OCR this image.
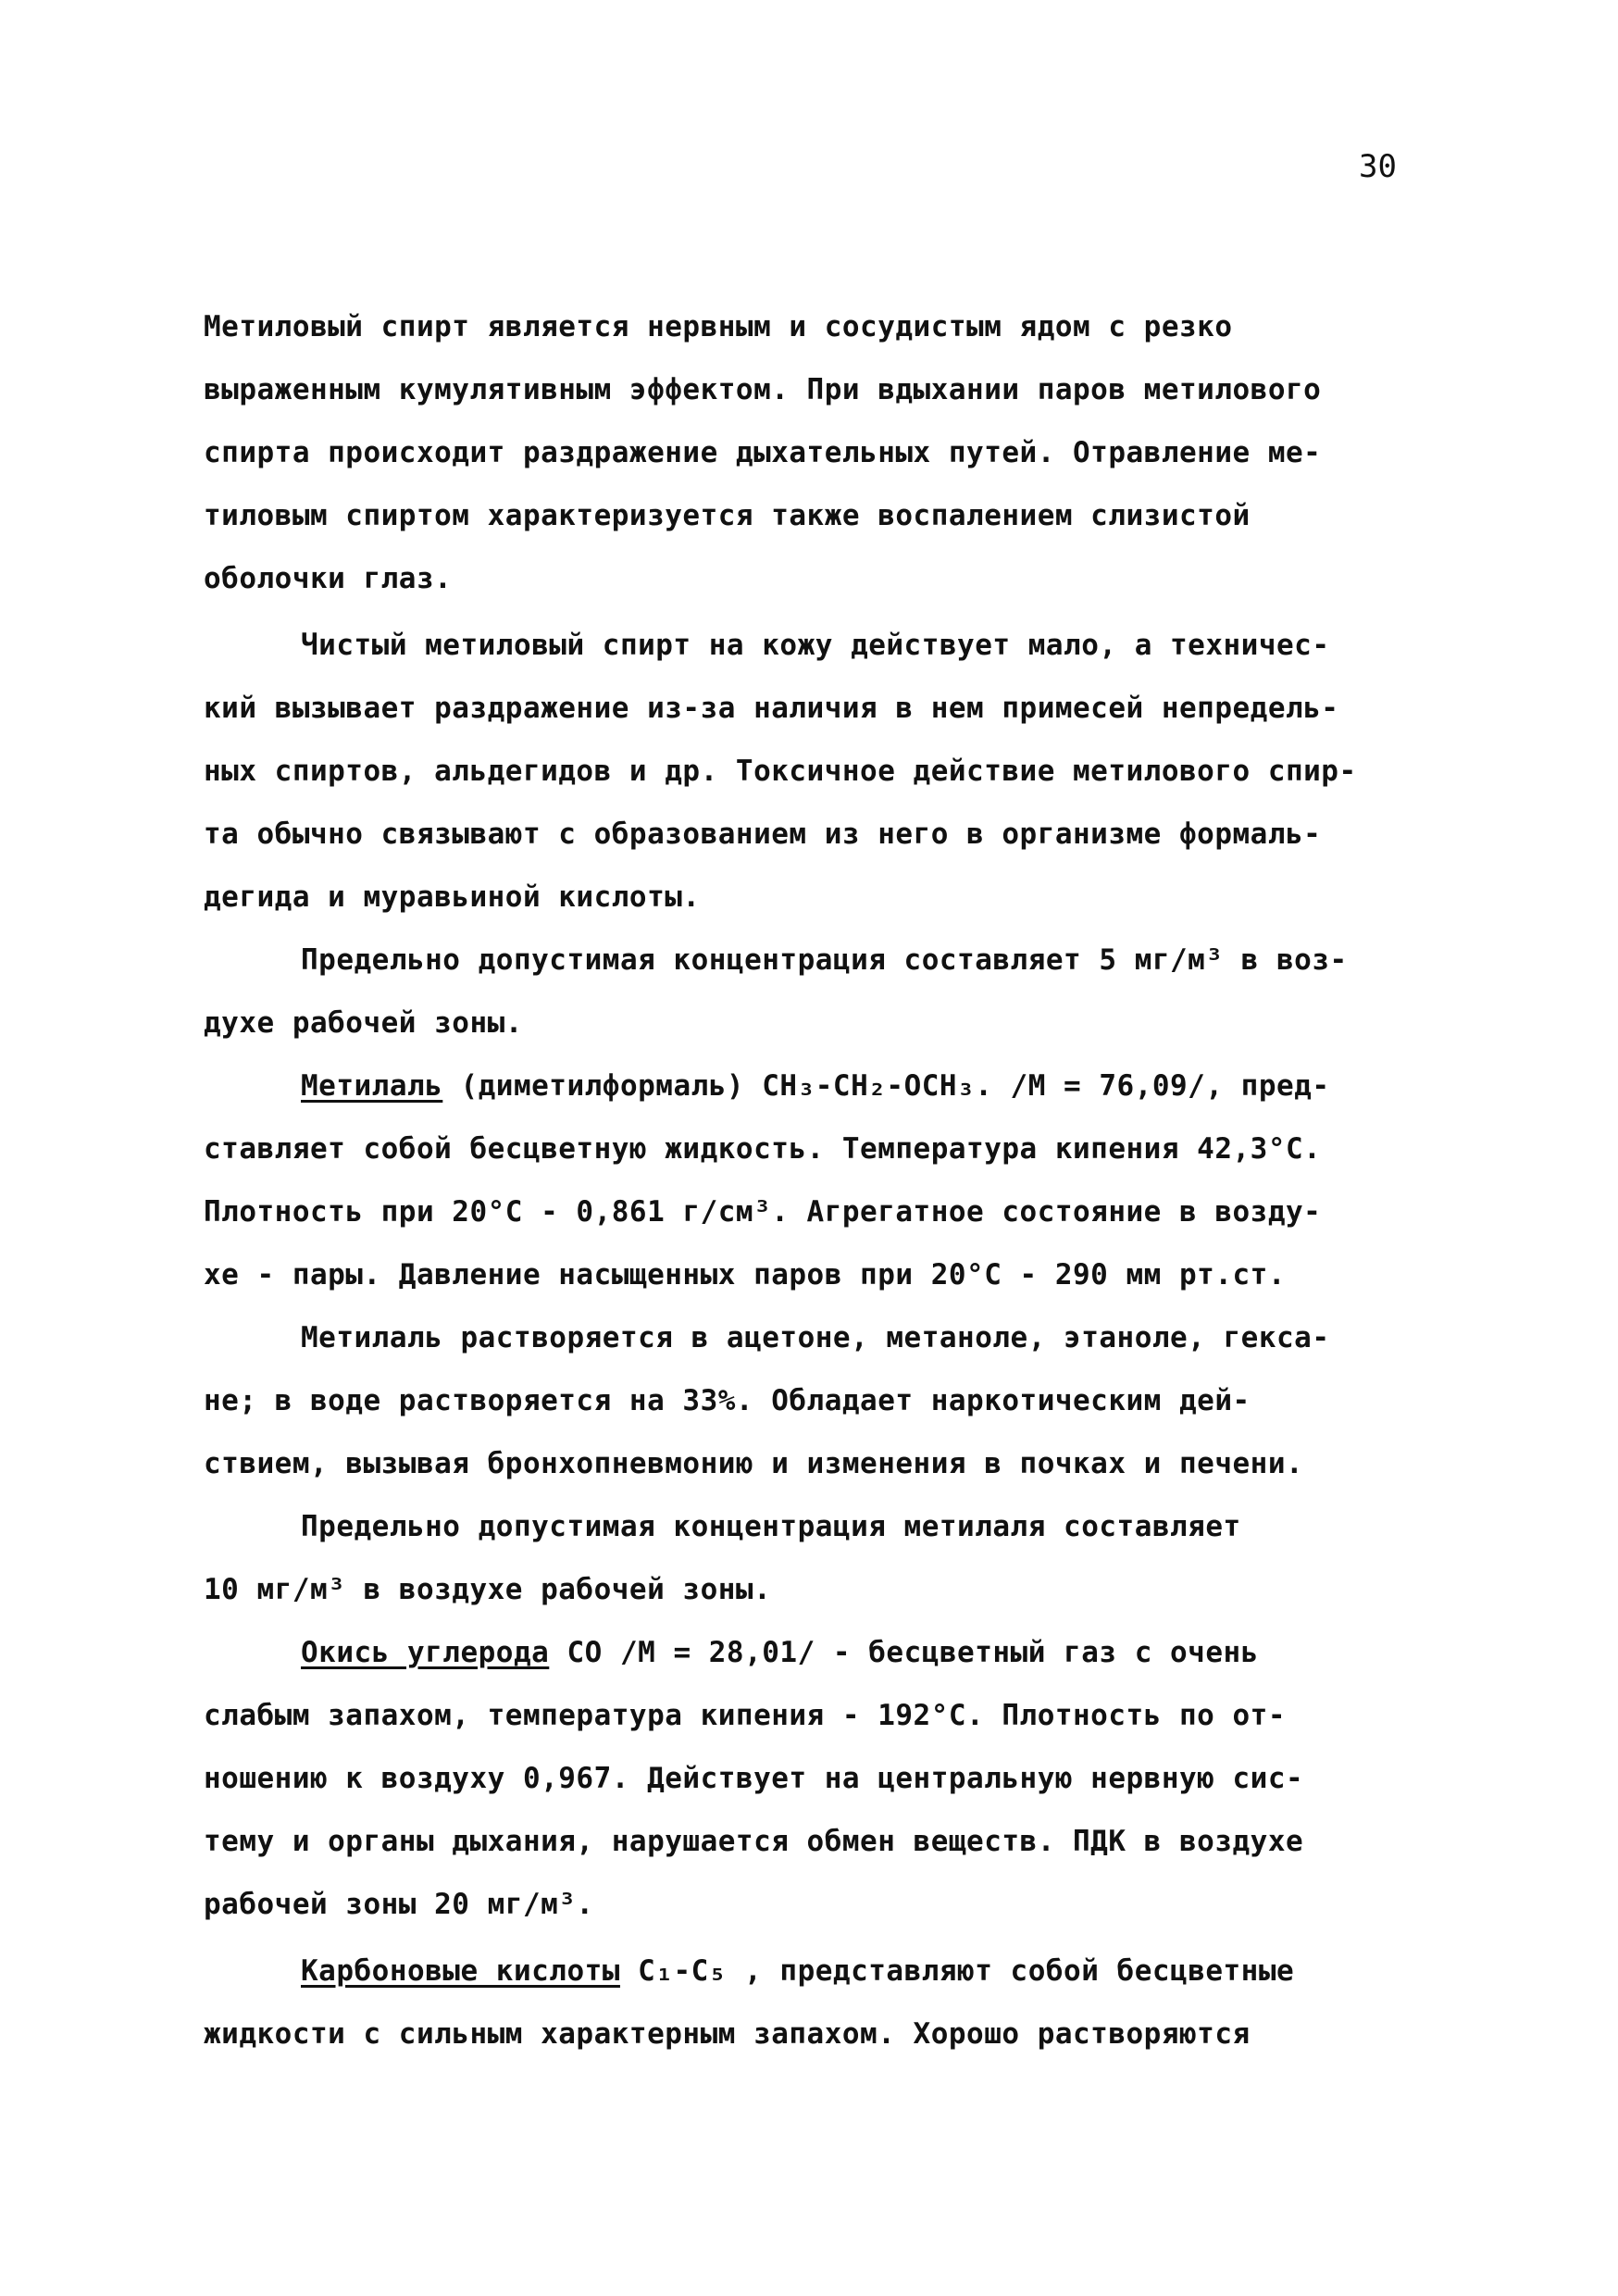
30
Метиловый спирт является нервным и сосудистым ядом с резко
выраженным кумулятивным эффектом. При вдыхании паров метилового
спирта происходит раздражение дыхательных путей. Отравление ме-
тиловым спиртом характеризуется также воспалением слизистой
оболочки глаз.
Чистый метиловый спирт на кожу действует мало, а техничес-
кий вызывает раздражение из-за наличия в нем примесей непредель-
ных спиртов, альдегидов и др. Токсичное действие метилового спир-
та обычно связывают с образованием из него в организме формаль-
дегида и муравьиной кислоты.
Предельно допустимая концентрация составляет 5 мг/м³ в воз-
духе рабочей зоны.
Метилаль (диметилформаль) CH₃-CH₂-OCH₃. /М = 76,09/, пред-
ставляет собой бесцветную жидкость. Температура кипения 42,3°С.
Плотность при 20°С - 0,861 г/см³. Агрегатное состояние в возду-
хе - пары. Давление насыщенных паров при 20°С - 290 мм рт.ст.
Метилаль растворяется в ацетоне, метаноле, этаноле, гекса-
не; в воде растворяется на 33%. Обладает наркотическим дей-
ствием, вызывая бронхопневмонию и изменения в почках и печени.
Предельно допустимая концентрация метилаля составляет
10 мг/м³ в воздухе рабочей зоны.
Окись углерода CO /М = 28,01/ - бесцветный газ с очень
слабым запахом, температура кипения - 192°С. Плотность по от-
ношению к воздуху 0,967. Действует на центральную нервную сис-
тему и органы дыхания, нарушается обмен веществ. ПДК в воздухе
рабочей зоны 20 мг/м³.
Карбоновые кислоты C₁-C₅ , представляют собой бесцветные
жидкости с сильным характерным запахом. Хорошо растворяются
